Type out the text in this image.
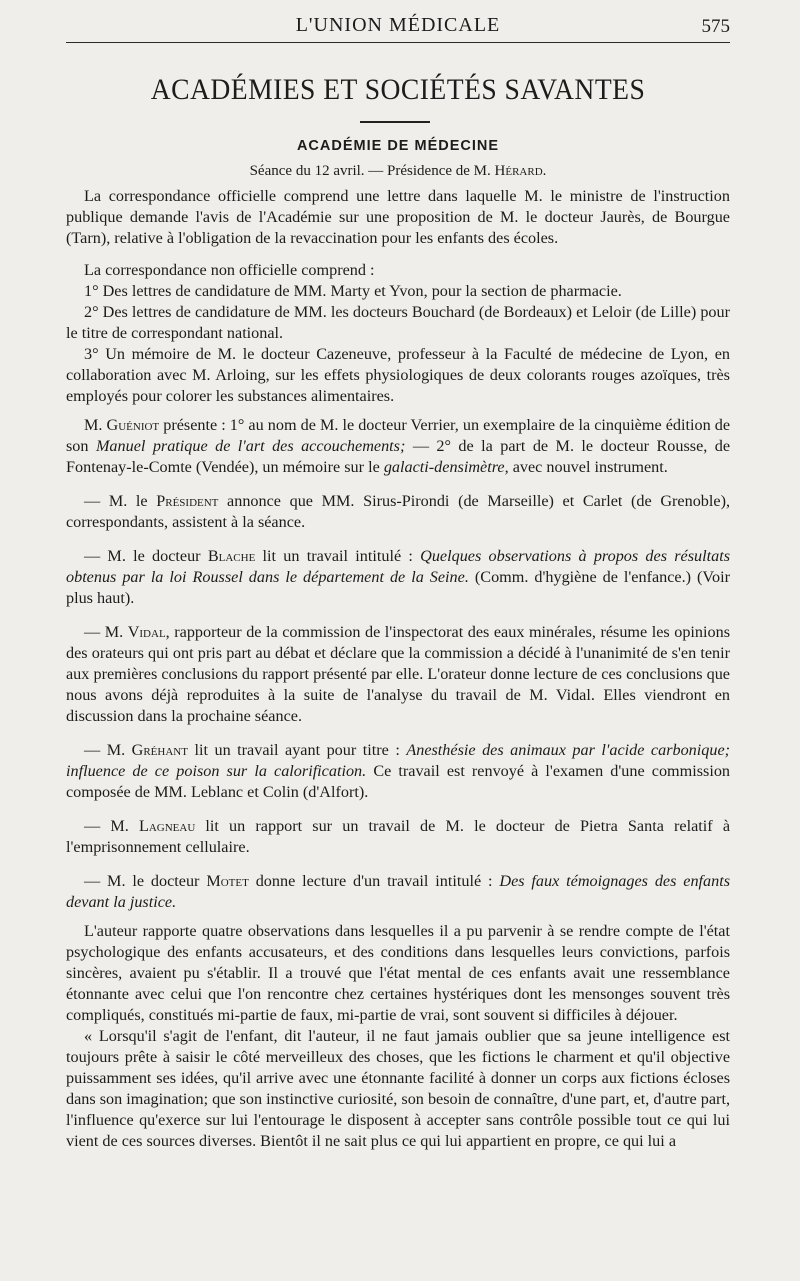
L'UNION MÉDICALE	575
ACADÉMIES ET SOCIÉTÉS SAVANTES
ACADÉMIE DE MÉDECINE
Séance du 12 avril. — Présidence de M. Hérard.

La correspondance officielle comprend une lettre dans laquelle M. le ministre de l'instruction publique demande l'avis de l'Académie sur une proposition de M. le docteur Jaurès, de Bourgue (Tarn), relative à l'obligation de la revaccination pour les enfants des écoles.

La correspondance non officielle comprend :

1° Des lettres de candidature de MM. Marty et Yvon, pour la section de pharmacie.

2° Des lettres de candidature de MM. les docteurs Bouchard (de Bordeaux) et Leloir (de Lille) pour le titre de correspondant national.

3° Un mémoire de M. le docteur Cazeneuve, professeur à la Faculté de médecine de Lyon, en collaboration avec M. Arloing, sur les effets physiologiques de deux colorants rouges azoïques, très employés pour colorer les substances alimentaires.

M. Guéniot présente : 1° au nom de M. le docteur Verrier, un exemplaire de la cinquième édition de son Manuel pratique de l'art des accouchements; — 2° de la part de M. le docteur Rousse, de Fontenay-le-Comte (Vendée), un mémoire sur le galacti-densimètre, avec nouvel instrument.

— M. le Président annonce que MM. Sirus-Pirondi (de Marseille) et Carlet (de Grenoble), correspondants, assistent à la séance.

— M. le docteur Blache lit un travail intitulé : Quelques observations à propos des résultats obtenus par la loi Roussel dans le département de la Seine. (Comm. d'hygiène de l'enfance.) (Voir plus haut).

— M. Vidal, rapporteur de la commission de l'inspectorat des eaux minérales, résume les opinions des orateurs qui ont pris part au débat et déclare que la commission a décidé à l'unanimité de s'en tenir aux premières conclusions du rapport présenté par elle. L'orateur donne lecture de ces conclusions que nous avons déjà reproduites à la suite de l'analyse du travail de M. Vidal. Elles viendront en discussion dans la prochaine séance.

— M. Gréhant lit un travail ayant pour titre : Anesthésie des animaux par l'acide carbonique; influence de ce poison sur la calorification. Ce travail est renvoyé à l'examen d'une commission composée de MM. Leblanc et Colin (d'Alfort).

— M. Lagneau lit un rapport sur un travail de M. le docteur de Pietra Santa relatif à l'emprisonnement cellulaire.

— M. le docteur Motet donne lecture d'un travail intitulé : Des faux témoignages des enfants devant la justice.

L'auteur rapporte quatre observations dans lesquelles il a pu parvenir à se rendre compte de l'état psychologique des enfants accusateurs, et des conditions dans lesquelles leurs convictions, parfois sincères, avaient pu s'établir. Il a trouvé que l'état mental de ces enfants avait une ressemblance étonnante avec celui que l'on rencontre chez certaines hystériques dont les mensonges souvent très compliqués, constitués mi-partie de faux, mi-partie de vrai, sont souvent si difficiles à déjouer.

« Lorsqu'il s'agit de l'enfant, dit l'auteur, il ne faut jamais oublier que sa jeune intelligence est toujours prête à saisir le côté merveilleux des choses, que les fictions le charment et qu'il objective puissamment ses idées, qu'il arrive avec une étonnante facilité à donner un corps aux fictions écloses dans son imagination; que son instinctive curiosité, son besoin de connaître, d'une part, et, d'autre part, l'influence qu'exerce sur lui l'entourage le disposent à accepter sans contrôle possible tout ce qui lui vient de ces sources diverses. Bientôt il ne sait plus ce qui lui appartient en propre, ce qui lui a
